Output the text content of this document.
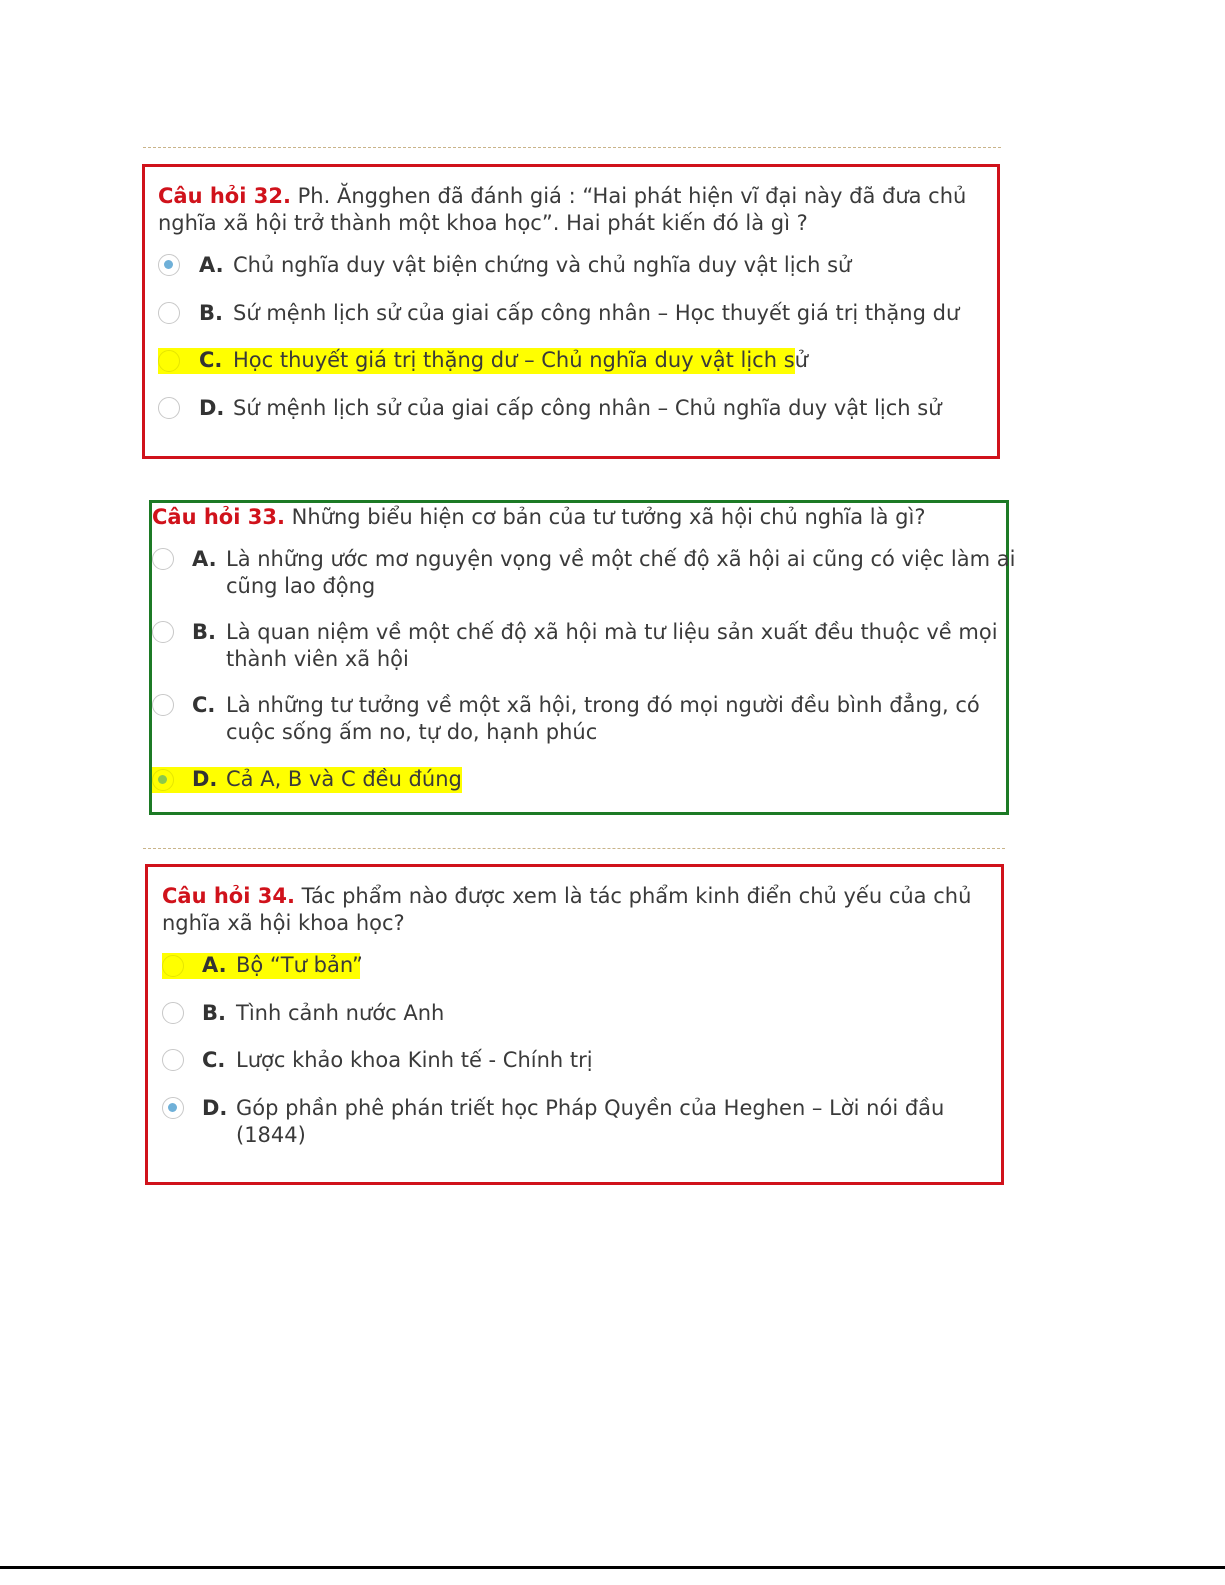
Câu hỏi 32. Ph. Ăngghen đã đánh giá : “Hai phát hiện vĩ đại này đã đưa chủ
nghĩa xã hội trở thành một khoa học”. Hai phát kiến đó là gì ?
A. Chủ nghĩa duy vật biện chứng và chủ nghĩa duy vật lịch sử
B. Sứ mệnh lịch sử của giai cấp công nhân – Học thuyết giá trị thặng dư
C. Học thuyết giá trị thặng dư – Chủ nghĩa duy vật lịch sử
D. Sứ mệnh lịch sử của giai cấp công nhân – Chủ nghĩa duy vật lịch sử
Câu hỏi 33. Những biểu hiện cơ bản của tư tưởng xã hội chủ nghĩa là gì?
A. Là những ước mơ nguyện vọng về một chế độ xã hội ai cũng có việc làm ai
cũng lao động
B. Là quan niệm về một chế độ xã hội mà tư liệu sản xuất đều thuộc về mọi
thành viên xã hội
C. Là những tư tưởng về một xã hội, trong đó mọi người đều bình đẳng, có
cuộc sống ấm no, tự do, hạnh phúc
D. Cả A, B và C đều đúng
Câu hỏi 34. Tác phẩm nào được xem là tác phẩm kinh điển chủ yếu của chủ
nghĩa xã hội khoa học?
A. Bộ “Tư bản”
B. Tình cảnh nước Anh
C. Lược khảo khoa Kinh tế - Chính trị
D. Góp phần phê phán triết học Pháp Quyền của Heghen – Lời nói đầu
(1844)
